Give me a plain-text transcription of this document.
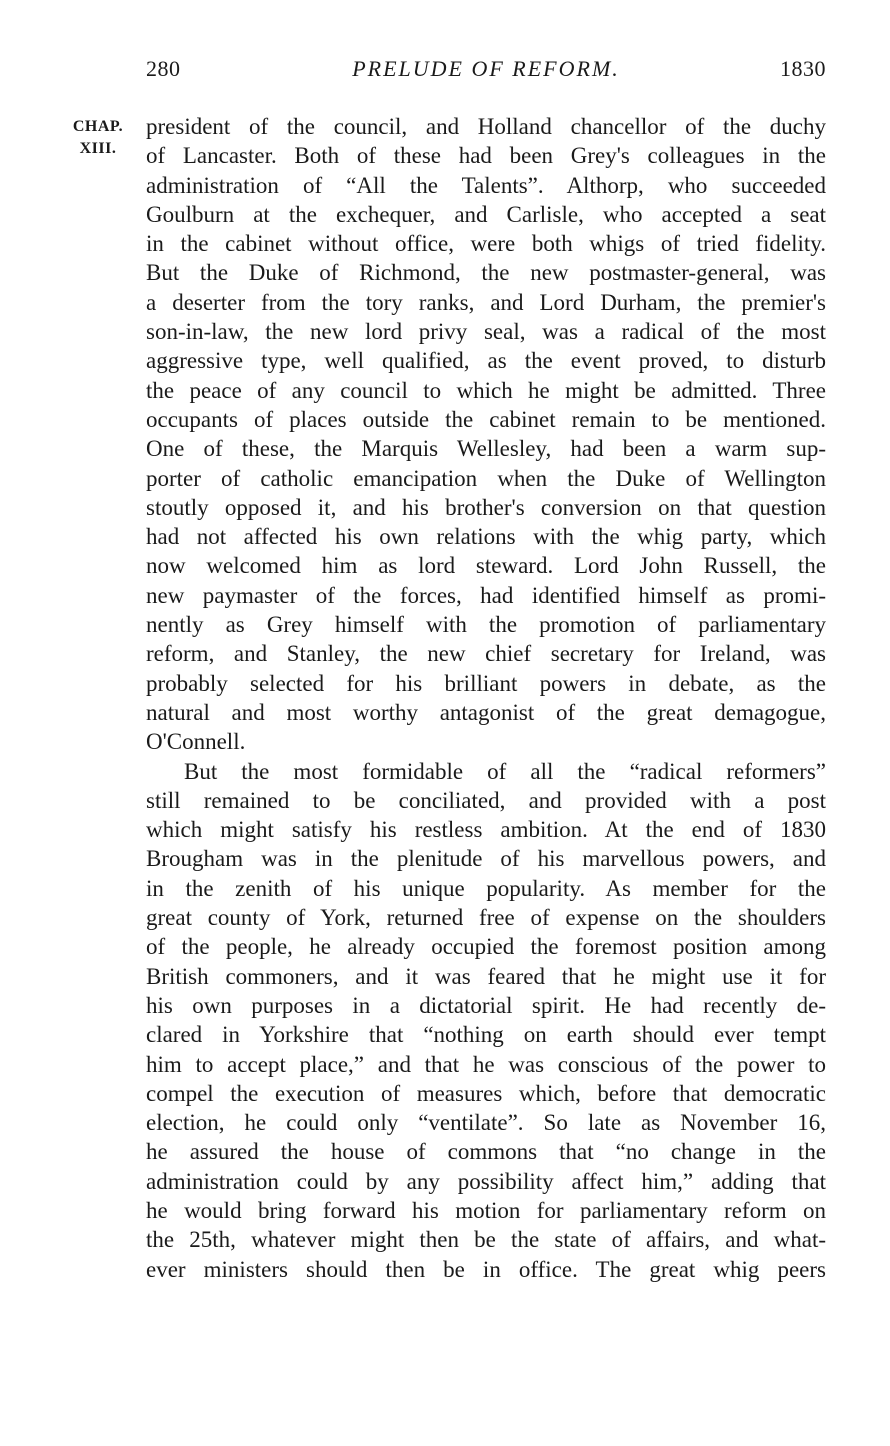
280	PRELUDE OF REFORM.	1830
CHAP.
XIII.
president of the council, and Holland chancellor of the duchy
of Lancaster. Both of these had been Grey's colleagues in the
administration of “All the Talents”. Althorp, who succeeded
Goulburn at the exchequer, and Carlisle, who accepted a seat
in the cabinet without office, were both whigs of tried fidelity.
But the Duke of Richmond, the new postmaster-general, was
a deserter from the tory ranks, and Lord Durham, the premier's
son-in-law, the new lord privy seal, was a radical of the most
aggressive type, well qualified, as the event proved, to disturb
the peace of any council to which he might be admitted. Three
occupants of places outside the cabinet remain to be mentioned.
One of these, the Marquis Wellesley, had been a warm sup-
porter of catholic emancipation when the Duke of Wellington
stoutly opposed it, and his brother's conversion on that question
had not affected his own relations with the whig party, which
now welcomed him as lord steward. Lord John Russell, the
new paymaster of the forces, had identified himself as promi-
nently as Grey himself with the promotion of parliamentary
reform, and Stanley, the new chief secretary for Ireland, was
probably selected for his brilliant powers in debate, as the
natural and most worthy antagonist of the great demagogue,
O'Connell.
But the most formidable of all the “radical reformers”
still remained to be conciliated, and provided with a post
which might satisfy his restless ambition. At the end of 1830
Brougham was in the plenitude of his marvellous powers, and
in the zenith of his unique popularity. As member for the
great county of York, returned free of expense on the shoulders
of the people, he already occupied the foremost position among
British commoners, and it was feared that he might use it for
his own purposes in a dictatorial spirit. He had recently de-
clared in Yorkshire that “nothing on earth should ever tempt
him to accept place,” and that he was conscious of the power to
compel the execution of measures which, before that democratic
election, he could only “ventilate”. So late as November 16,
he assured the house of commons that “no change in the
administration could by any possibility affect him,” adding that
he would bring forward his motion for parliamentary reform on
the 25th, whatever might then be the state of affairs, and what-
ever ministers should then be in office. The great whig peers
